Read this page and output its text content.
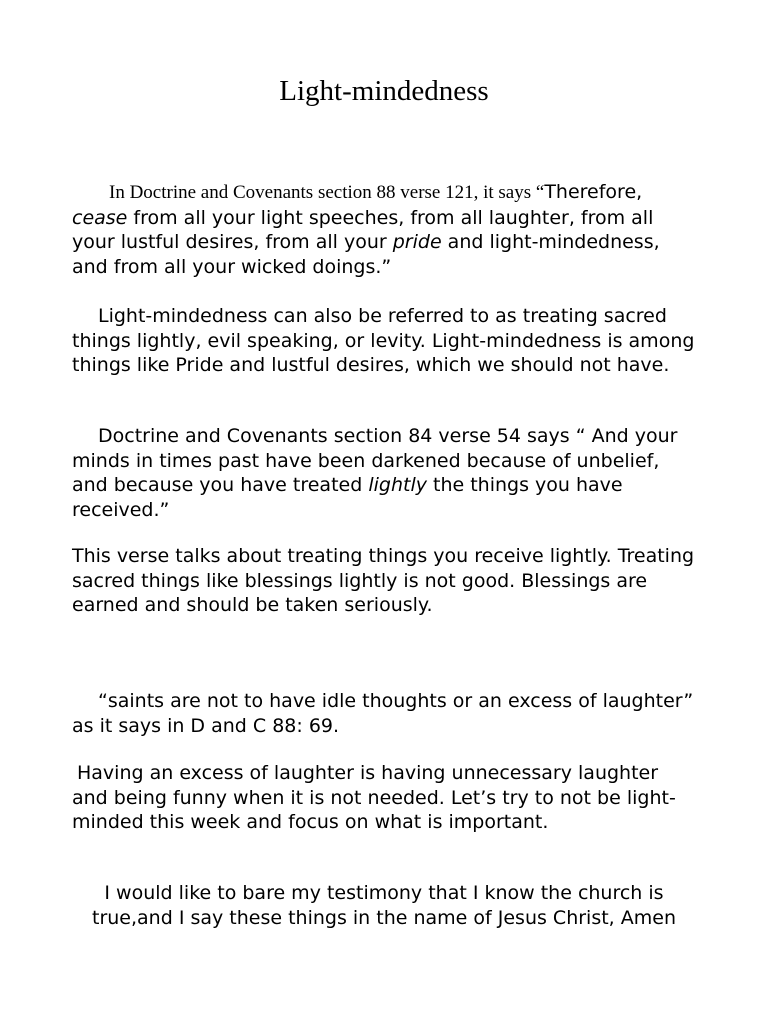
Light-mindedness

In Doctrine and Covenants section 88 verse 121, it says “Therefore, cease from all your light speeches, from all laughter, from all your lustful desires, from all your pride and light-mindedness, and from all your wicked doings.”

Light-mindedness can also be referred to as treating sacred things lightly, evil speaking, or levity. Light-mindedness is among things like Pride and lustful desires, which we should not have.

Doctrine and Covenants section 84 verse 54 says “ And your minds in times past have been darkened because of unbelief, and because you have treated lightly the things you have received.”

This verse talks about treating things you receive lightly. Treating sacred things like blessings lightly is not good. Blessings are earned and should be taken seriously.

“saints are not to have idle thoughts or an excess of laughter” as it says in D and C 88: 69.

Having an excess of laughter is having unnecessary laughter and being funny when it is not needed. Let’s try to not be light-minded this week and focus on what is important.

I would like to bare my testimony that I know the church is true,and I say these things in the name of Jesus Christ, Amen
